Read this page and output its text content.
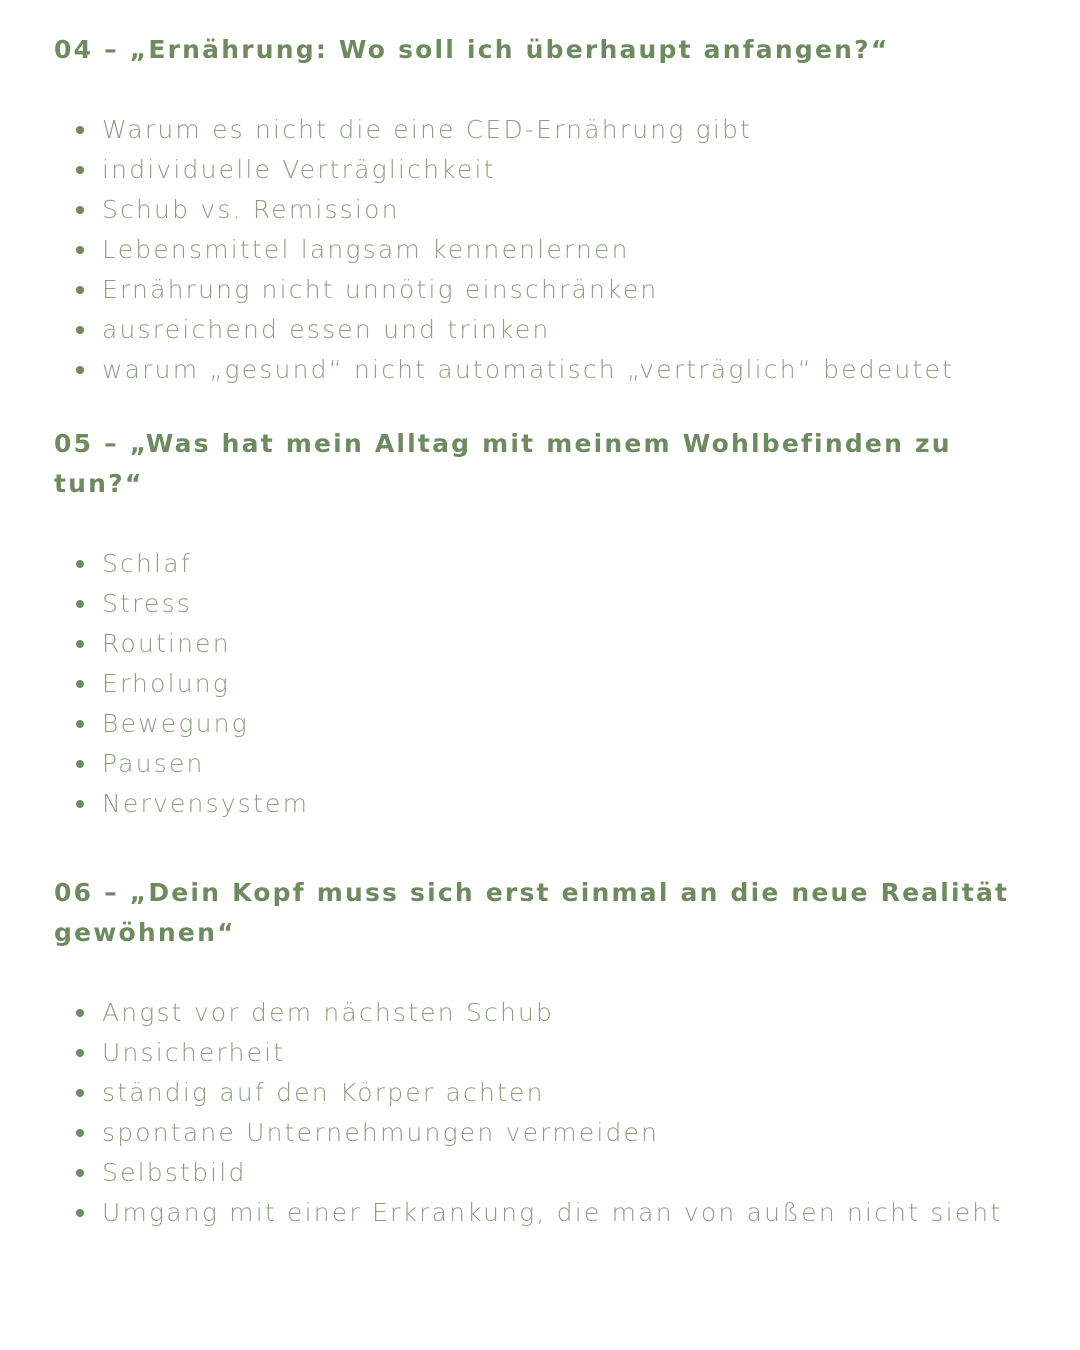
04 – „Ernährung: Wo soll ich überhaupt anfangen?“
Warum es nicht die eine CED-Ernährung gibt
individuelle Verträglichkeit
Schub vs. Remission
Lebensmittel langsam kennenlernen
Ernährung nicht unnötig einschränken
ausreichend essen und trinken
warum „gesund“ nicht automatisch „verträglich“ bedeutet
05 – „Was hat mein Alltag mit meinem Wohlbefinden zu tun?“
Schlaf
Stress
Routinen
Erholung
Bewegung
Pausen
Nervensystem
06 – „Dein Kopf muss sich erst einmal an die neue Realität gewöhnen“
Angst vor dem nächsten Schub
Unsicherheit
ständig auf den Körper achten
spontane Unternehmungen vermeiden
Selbstbild
Umgang mit einer Erkrankung, die man von außen nicht sieht
